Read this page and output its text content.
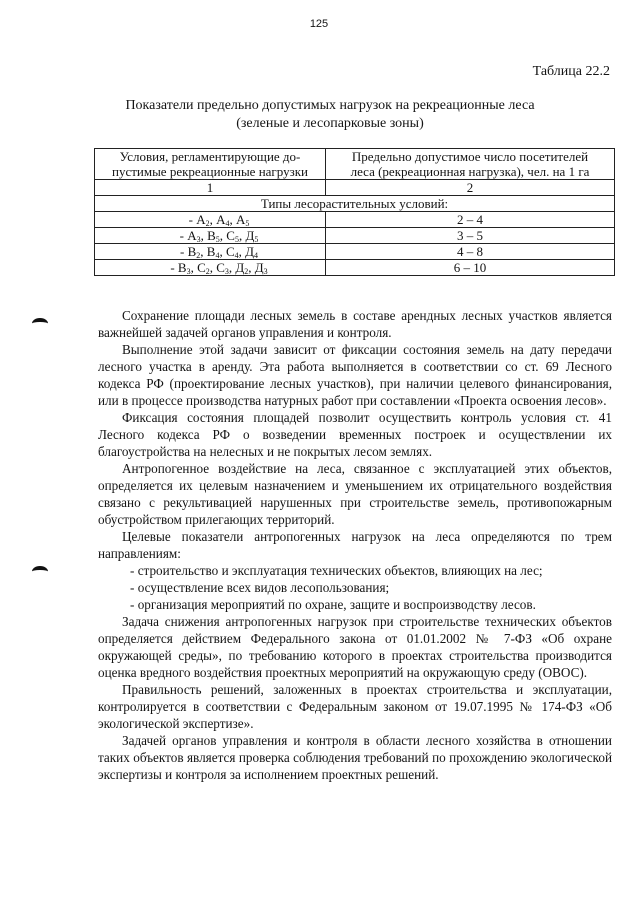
125
Таблица 22.2
Показатели предельно допустимых нагрузок на рекреационные леса
(зеленые и лесопарковые зоны)
Условия, регламентирующие до-	Предельно допустимое число посетителей
пустимые рекреационные нагрузки	леса (рекреационная нагрузка), чел. на 1 га
1	2
Типы лесорастительных условий:	
- $А_2$, $А_4$, $А_5$	2 – 4
- $А_3$, $В_5$, $С_5$, $Д_5$	3 – 5
- $В_2$, $В_4$, $С_4$, $Д_4$	4 – 8
- $В_3$, $С_2$, $С_3$, $Д_2$, $Д_3$	6 – 10

Сохранение площади лесных земель в составе арендных лесных участков является важнейшей задачей органов управления и контроля.

Выполнение этой задачи зависит от фиксации состояния земель на дату передачи лесного участка в аренду. Эта работа выполняется в соответствии со ст. 69 Лесного кодекса РФ (проектирование лесных участков), при наличии целевого финансирования, или в процессе производства натурных работ при составлении «Проекта освоения лесов».

Фиксация состояния площадей позволит осуществить контроль условия ст. 41 Лесного кодекса РФ о возведении временных построек и осуществлении их благоустройства на нелесных и не покрытых лесом землях.

Антропогенное воздействие на леса, связанное с эксплуатацией этих объектов, определяется их целевым назначением и уменьшением их отрицательного воздействия связано с рекультивацией нарушенных при строительстве земель, противопожарным обустройством прилегающих территорий.

Целевые показатели антропогенных нагрузок на леса определяются по трем направлениям:

- строительство и эксплуатация технических объектов, влияющих на лес;

- осуществление всех видов лесопользования;

- организация мероприятий по охране, защите и воспроизводству лесов.

Задача снижения антропогенных нагрузок при строительстве технических объектов определяется действием Федерального закона от 01.01.2002 № 7-ФЗ «Об охране окружающей среды», по требованию которого в проектах строительства производится оценка вредного воздействия проектных мероприятий на окружающую среду (ОВОС).

Правильность решений, заложенных в проектах строительства и эксплуатации, контролируется в соответствии с Федеральным законом от 19.07.1995 № 174-ФЗ «Об экологической экспертизе».

Задачей органов управления и контроля в области лесного хозяйства в отношении таких объектов является проверка соблюдения требований по прохождению экологической экспертизы и контроля за исполнением проектных решений.
